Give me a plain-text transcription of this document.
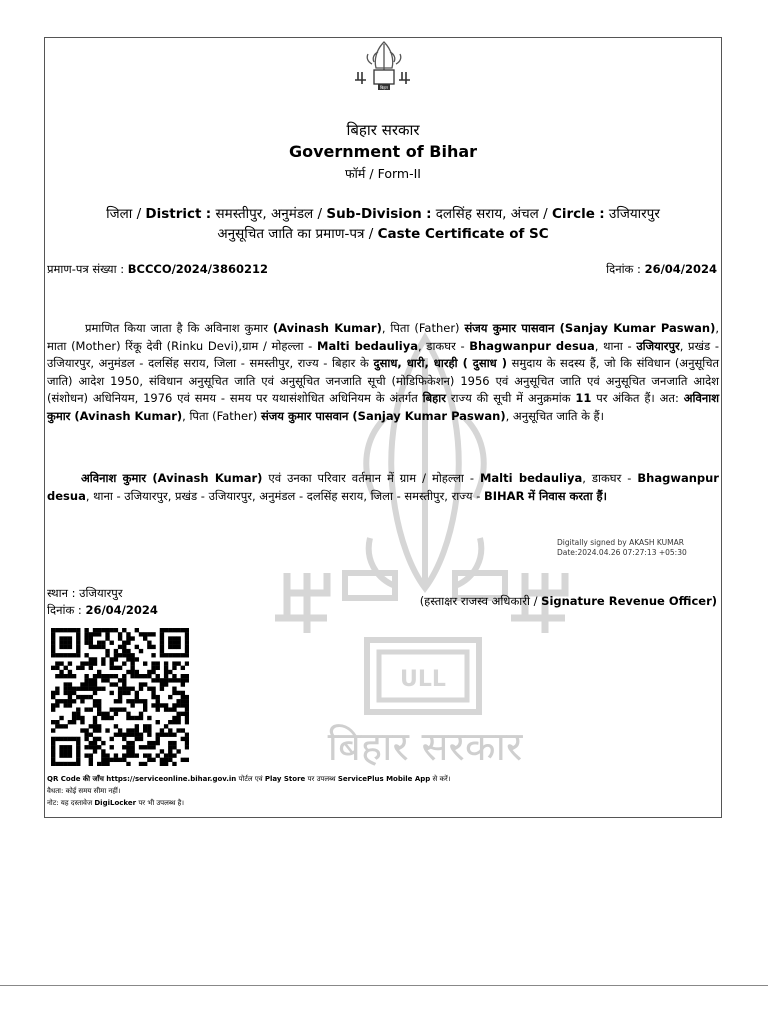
ULL
बिहार सरकार
बिहार
बिहार सरकार
Government of Bihar
फॉर्म / Form-II
जिला / District : समस्तीपुर, अनुमंडल / Sub-Division : दलसिंह सराय, अंचल / Circle : उजियारपुर
अनुसूचित जाति का प्रमाण-पत्र / Caste Certificate of SC
प्रमाण-पत्र संख्या : BCCCO/2024/3860212	दिनांक : 26/04/2024
प्रमाणित किया जाता है कि अविनाश कुमार (Avinash Kumar), पिता (Father) संजय कुमार पासवान (Sanjay Kumar Paswan), माता (Mother) रिंकू देवी (Rinku Devi),ग्राम / मोहल्ला - Malti bedauliya, डाकघर - Bhagwanpur desua, थाना - उजियारपुर, प्रखंड - उजियारपुर, अनुमंडल - दलसिंह सराय, जिला - समस्तीपुर, राज्य - बिहार के दुसाध, धारी, धारही ( दुसाध ) समुदाय के सदस्य हैं, जो कि संविधान (अनुसूचित जाति) आदेश 1950, संविधान अनुसूचित जाति एवं अनुसूचित जनजाति सूची (मोडिफिकेशन) 1956 एवं अनुसूचित जाति एवं अनुसूचित जनजाति आदेश (संशोधन) अधिनियम, 1976 एवं समय - समय पर यथासंशोधित अधिनियम के अंतर्गत बिहार राज्य की सूची में अनुक्रमांक 11 पर अंकित हैं। अत: अविनाश कुमार (Avinash Kumar), पिता (Father) संजय कुमार पासवान (Sanjay Kumar Paswan), अनुसूचित जाति के हैं।
अविनाश कुमार (Avinash Kumar) एवं उनका परिवार वर्तमान में ग्राम / मोहल्ला - Malti bedauliya, डाकघर - Bhagwanpur desua, थाना - उजियारपुर, प्रखंड - उजियारपुर, अनुमंडल - दलसिंह सराय, जिला - समस्तीपुर, राज्य - BIHAR में निवास करता हैं।
Digitally signed by AKASH KUMAR
Date:2024.04.26 07:27:13 +05:30
स्थान : उजियारपुर
दिनांक : 26/04/2024
(हस्ताक्षर राजस्व अधिकारी / Signature Revenue Officer)
QR Code की जाँच https://serviceonline.bihar.gov.in पोर्टल एवं Play Store पर उपलब्ध ServicePlus Mobile App से करें।
वैधता: कोई समय सीमा नहीं।
नोट: यह दस्तावेज DigiLocker पर भी उपलब्ध है।
